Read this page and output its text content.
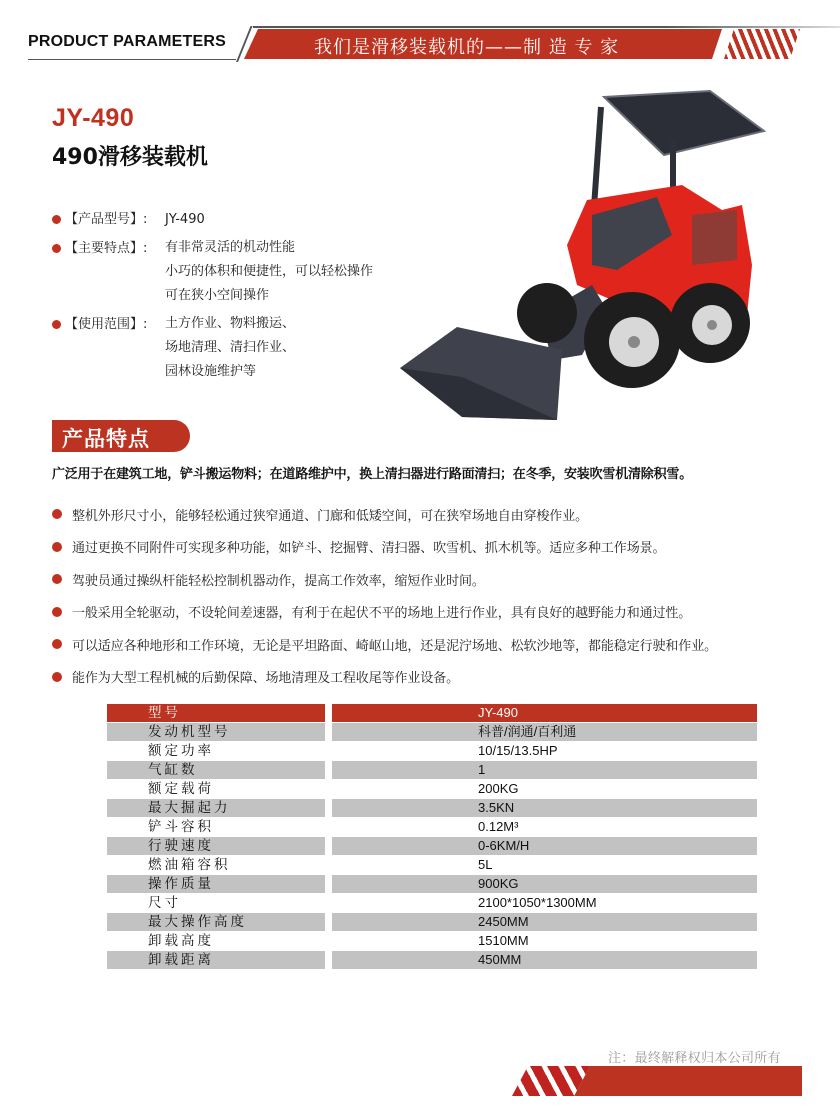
PRODUCT PARAMETERS	我们是滑移装载机的——制 造 专 家
JY-490
490滑移装载机
【产品型号】:	JY-490
【主要特点】:	有非常灵活的机动性能
小巧的体积和便捷性，可以轻松操作
可在狭小空间操作
【使用范围】:	土方作业、物料搬运、
场地清理、清扫作业、
园林设施维护等
产品特点
广泛用于在建筑工地，铲斗搬运物料；在道路维护中，换上清扫器进行路面清扫；在冬季，安装吹雪机清除积雪。
整机外形尺寸小，能够轻松通过狭窄通道、门廊和低矮空间，可在狭窄场地自由穿梭作业。
通过更换不同附件可实现多种功能，如铲斗、挖掘臂、清扫器、吹雪机、抓木机等。适应多种工作场景。
驾驶员通过操纵杆能轻松控制机器动作，提高工作效率，缩短作业时间。
一般采用全轮驱动，不设轮间差速器，有利于在起伏不平的场地上进行作业，具有良好的越野能力和通过性。
可以适应各种地形和工作环境，无论是平坦路面、崎岖山地，还是泥泞场地、松软沙地等，都能稳定行驶和作业。
能作为大型工程机械的后勤保障、场地清理及工程收尾等作业设备。
型号	JY-490
发动机型号	科普/润通/百利通
额定功率	10/15/13.5HP
气缸数	1
额定载荷	200KG
最大掘起力	3.5KN
铲斗容积	0.12M³
行驶速度	0-6KM/H
燃油箱容积	5L
操作质量	900KG
尺寸	2100*1050*1300MM
最大操作高度	2450MM
卸载高度	1510MM
卸载距离	450MM
注：最终解释权归本公司所有
